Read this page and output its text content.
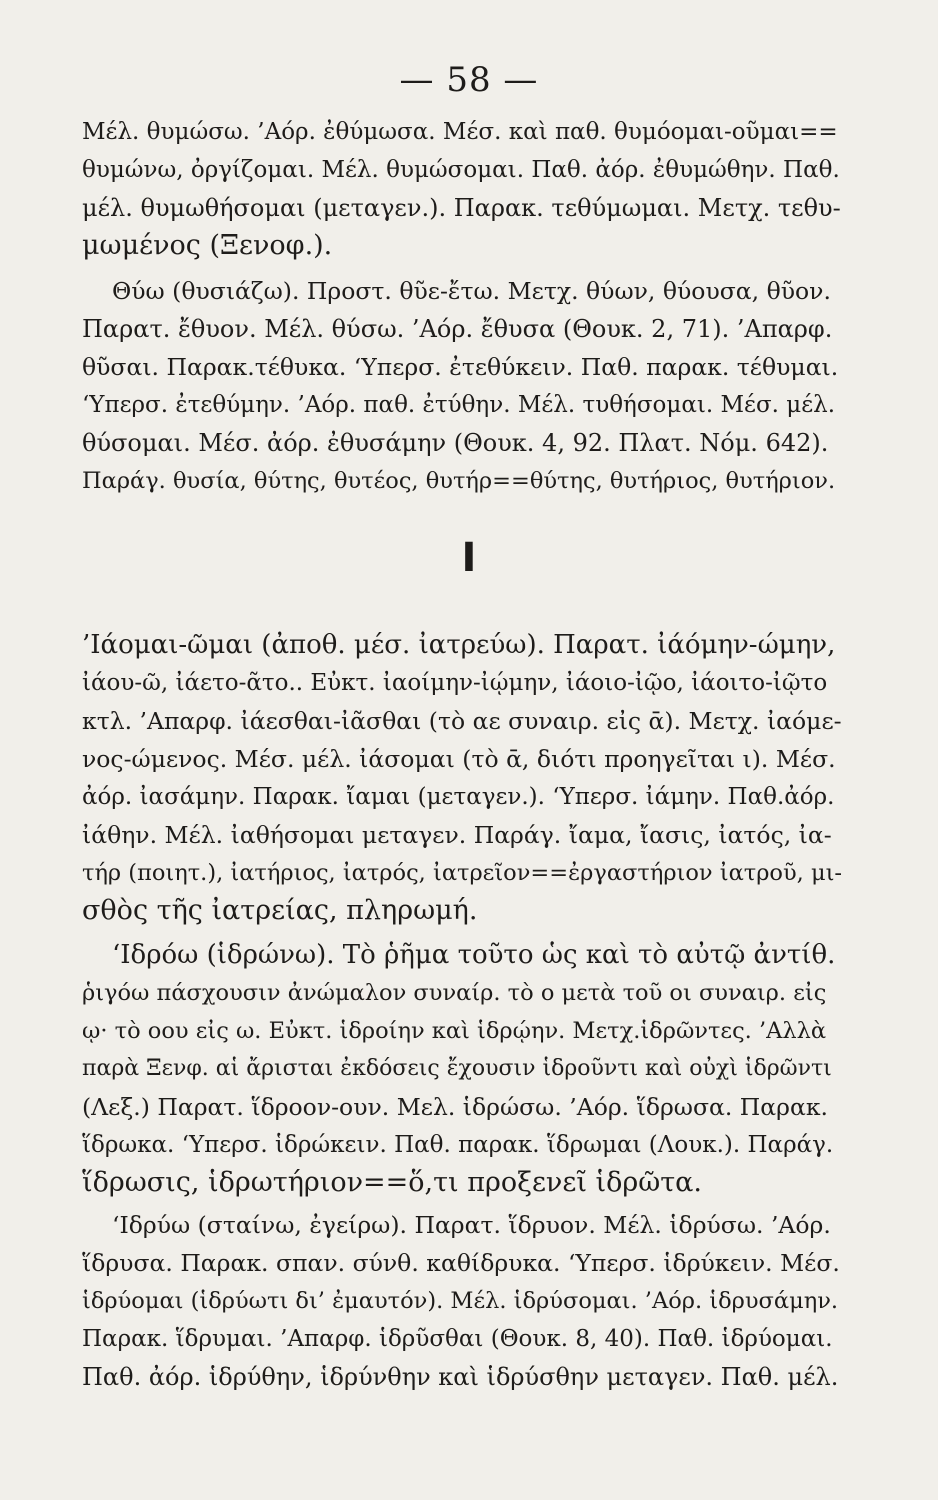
— 58 —
Μέλ. θυμώσω. ’Αόρ. ἐθύμωσα. Μέσ. καὶ παθ. θυμόομαι-οῦμαι==
θυμώνω, ὀργίζομαι. Μέλ. θυμώσομαι. Παθ. ἀόρ. ἐθυμώθην. Παθ.
μέλ. θυμωθήσομαι (μεταγεν.). Παρακ. τεθύμωμαι. Μετχ. τεθυ-
μωμένος (Ξενοφ.).
Θύω (θυσιάζω). Προστ. θῦε-ἔτω. Μετχ. θύων, θύουσα, θῦον.
Παρατ. ἔθυον. Μέλ. θύσω. ’Αόρ. ἔθυσα (Θουκ. 2, 71). ’Απαρφ.
θῦσαι. Παρακ.τέθυκα. ‘Υπερσ. ἐτεθύκειν. Παθ. παρακ. τέθυμαι.
‘Υπερσ. ἐτεθύμην. ’Αόρ. παθ. ἐτύθην. Μέλ. τυθήσομαι. Μέσ. μέλ.
θύσομαι. Μέσ. ἀόρ. ἐθυσάμην (Θουκ. 4, 92. Πλατ. Νόμ. 642).
Παράγ. θυσία, θύτης, θυτέος, θυτήρ==θύτης, θυτήριος, θυτήριον.
’Ιάομαι-ῶμαι (ἀποθ. μέσ. ἰατρεύω). Παρατ. ἰάόμην-ώμην,
ἰάου-ῶ, ἰάετο-ᾶτο.. Εὐκτ. ἰαοίμην-ἰῴμην, ἰάοιο-ἰῷο, ἰάοιτο-ἰῷτο
κτλ. ’Απαρφ. ἰάεσθαι-ἰᾶσθαι (τὸ αε συναιρ. εἰς ᾱ). Μετχ. ἰαόμε-
νος-ώμενος. Μέσ. μέλ. ἰάσομαι (τὸ ᾱ, διότι προηγεῖται ι). Μέσ.
ἀόρ. ἰασάμην. Παρακ. ἴαμαι (μεταγεν.). ‘Υπερσ. ἰάμην. Παθ.ἀόρ.
ἰάθην. Μέλ. ἰαθήσομαι μεταγεν. Παράγ. ἴαμα, ἴασις, ἰατός, ἰα-
τήρ (ποιητ.), ἰατήριος, ἰατρός, ἰατρεῖον==ἐργαστήριον ἰατροῦ, μι-
σθὸς τῆς ἰατρείας, πληρωμή.
‘Ιδρόω (ἱδρώνω). Τὸ ῥῆμα τοῦτο ὡς καὶ τὸ αὐτῷ ἀντίθ.
ῥιγόω πάσχουσιν ἀνώμαλον συναίρ. τὸ ο μετὰ τοῦ οι συναιρ. εἰς
ῳ· τὸ οου εἰς ω. Εὐκτ. ἱδροίην καὶ ἱδρῴην. Μετχ.ἱδρῶντες. ’Αλλὰ
παρὰ Ξενφ. αἱ ἄρισται ἐκδόσεις ἔχουσιν ἱδροῦντι καὶ οὐχὶ ἱδρῶντι
(Λεξ.) Παρατ. ἵδροον-ουν. Μελ. ἱδρώσω. ’Αόρ. ἵδρωσα. Παρακ.
ἵδρωκα. ‘Υπερσ. ἱδρώκειν. Παθ. παρακ. ἵδρωμαι (Λουκ.). Παράγ.
ἵδρωσις, ἱδρωτήριον==ὅ,τι προξενεῖ ἱδρῶτα.
‘Ιδρύω (σταίνω, ἐγείρω). Παρατ. ἵδρυον. Μέλ. ἱδρύσω. ’Αόρ.
ἵδρυσα. Παρακ. σπαν. σύνθ. καθίδρυκα. ‘Υπερσ. ἱδρύκειν. Μέσ.
ἱδρύομαι (ἱδρύωτι δι’ ἐμαυτόν). Μέλ. ἱδρύσομαι. ’Αόρ. ἱδρυσάμην.
Παρακ. ἵδρυμαι. ’Απαρφ. ἱδρῦσθαι (Θουκ. 8, 40). Παθ. ἱδρύομαι.
Παθ. ἀόρ. ἱδρύθην, ἱδρύνθην καὶ ἱδρύσθην μεταγεν. Παθ. μέλ.
I
